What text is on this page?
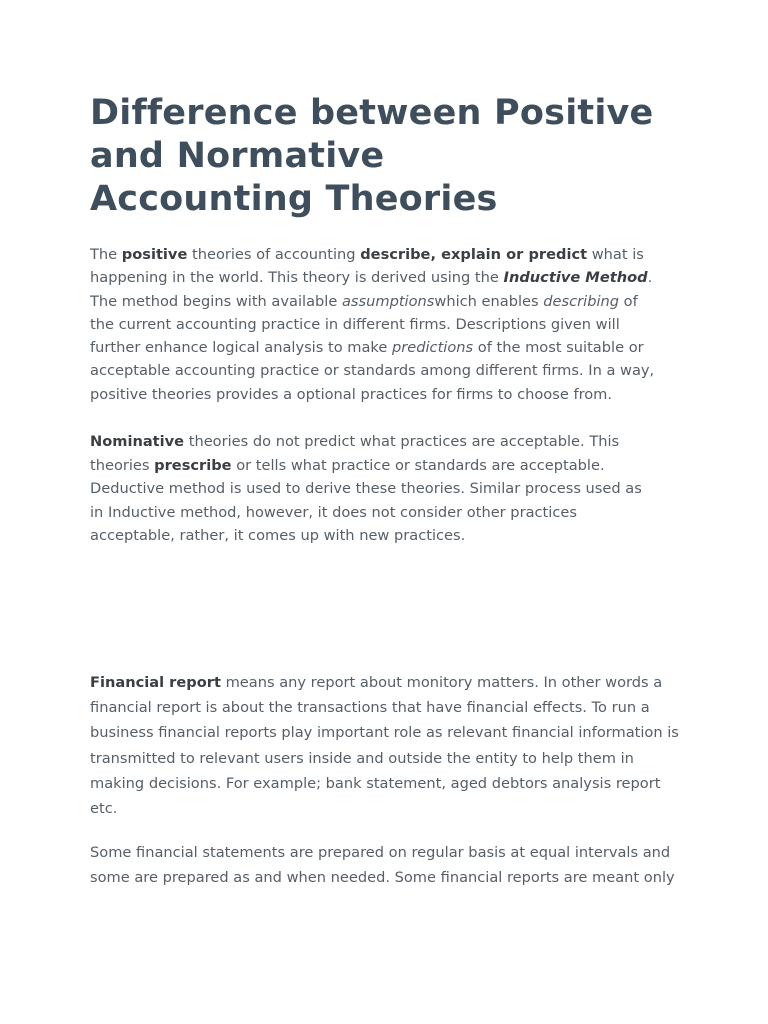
Difference between Positive
and Normative
Accounting Theories

The positive theories of accounting describe, explain or predict what is
happening in the world. This theory is derived using the Inductive Method.
The method begins with available assumptionswhich enables describing of
the current accounting practice in different firms. Descriptions given will
further enhance logical analysis to make predictions of the most suitable or
acceptable accounting practice or standards among different firms. In a way,
positive theories provides a optional practices for firms to choose from.

Nominative theories do not predict what practices are acceptable. This
theories prescribe or tells what practice or standards are acceptable.
Deductive method is used to derive these theories. Similar process used as
in Inductive method, however, it does not consider other practices
acceptable, rather, it comes up with new practices.

Financial report means any report about monitory matters. In other words a
financial report is about the transactions that have financial effects. To run a
business financial reports play important role as relevant financial information is
transmitted to relevant users inside and outside the entity to help them in
making decisions. For example; bank statement, aged debtors analysis report
etc.

Some financial statements are prepared on regular basis at equal intervals and
some are prepared as and when needed. Some financial reports are meant only
